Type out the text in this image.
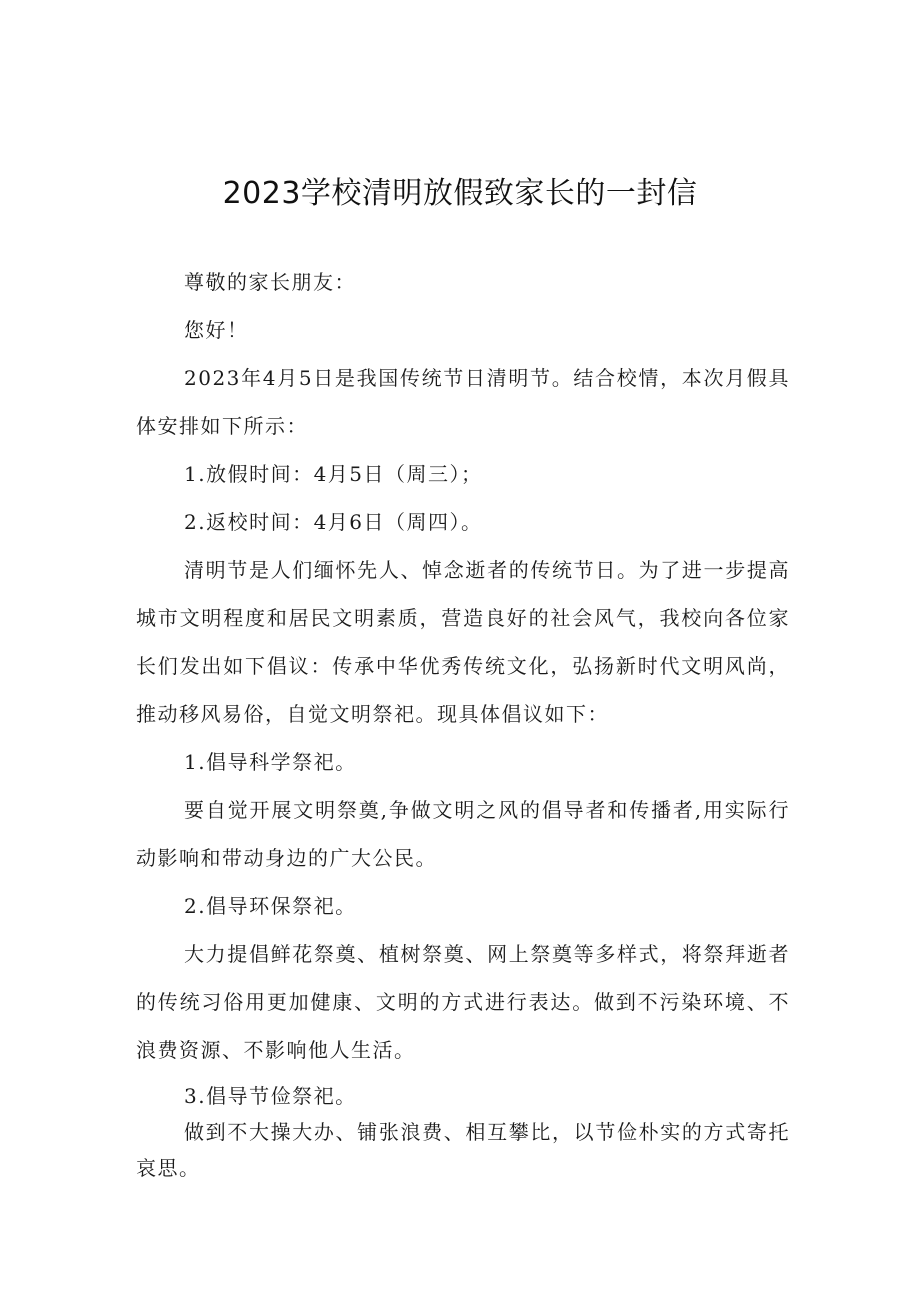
2023学校清明放假致家长的一封信

尊敬的家长朋友：

您好！

2023年4月5日是我国传统节日清明节。结合校情，本次月假具体安排如下所示：

1.放假时间：4月5日（周三）；

2.返校时间：4月6日（周四）。

清明节是人们缅怀先人、悼念逝者的传统节日。为了进一步提高城市文明程度和居民文明素质，营造良好的社会风气，我校向各位家长们发出如下倡议：传承中华优秀传统文化，弘扬新时代文明风尚，推动移风易俗，自觉文明祭祀。现具体倡议如下：

1.倡导科学祭祀。

要自觉开展文明祭奠,争做文明之风的倡导者和传播者,用实际行动影响和带动身边的广大公民。

2.倡导环保祭祀。

大力提倡鲜花祭奠、植树祭奠、网上祭奠等多样式，将祭拜逝者的传统习俗用更加健康、文明的方式进行表达。做到不污染环境、不浪费资源、不影响他人生活。

3.倡导节俭祭祀。

做到不大操大办、铺张浪费、相互攀比，以节俭朴实的方式寄托哀思。
